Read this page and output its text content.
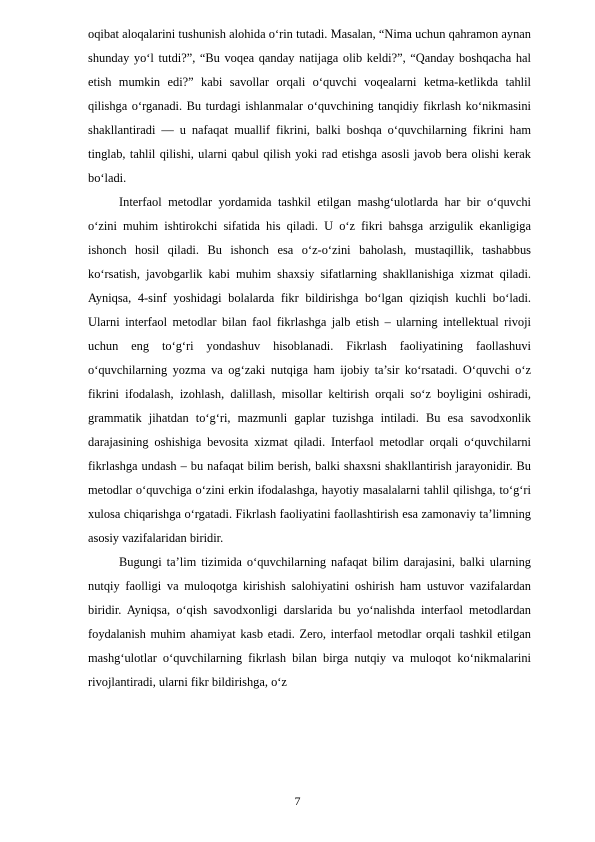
oqibat aloqalarini tushunish alohida o‘rin tutadi. Masalan, “Nima uchun qahramon aynan shunday yo‘l tutdi?”, “Bu voqea qanday natijaga olib keldi?”, “Qanday boshqacha hal etish mumkin edi?” kabi savollar orqali o‘quvchi voqealarni ketma-ketlikda tahlil qilishga o‘rganadi. Bu turdagi ishlanmalar o‘quvchining tanqidiy fikrlash ko‘nikmasini shakllantiradi — u nafaqat muallif fikrini, balki boshqa o‘quvchilarning fikrini ham tinglab, tahlil qilishi, ularni qabul qilish yoki rad etishga asosli javob bera olishi kerak bo‘ladi.

Interfaol metodlar yordamida tashkil etilgan mashg‘ulotlarda har bir o‘quvchi o‘zini muhim ishtirokchi sifatida his qiladi. U o‘z fikri bahsga arzigulik ekanligiga ishonch hosil qiladi. Bu ishonch esa o‘z-o‘zini baholash, mustaqillik, tashabbus ko‘rsatish, javobgarlik kabi muhim shaxsiy sifatlarning shakllanishiga xizmat qiladi. Ayniqsa, 4-sinf yoshidagi bolalarda fikr bildirishga bo‘lgan qiziqish kuchli bo‘ladi. Ularni interfaol metodlar bilan faol fikrlashga jalb etish – ularning intellektual rivoji uchun eng to‘g‘ri yondashuv hisoblanadi. Fikrlash faoliyatining faollashuvi o‘quvchilarning yozma va og‘zaki nutqiga ham ijobiy ta’sir ko‘rsatadi. O‘quvchi o‘z fikrini ifodalash, izohlash, dalillash, misollar keltirish orqali so‘z boyligini oshiradi, grammatik jihatdan to‘g‘ri, mazmunli gaplar tuzishga intiladi. Bu esa savodxonlik darajasining oshishiga bevosita xizmat qiladi. Interfaol metodlar orqali o‘quvchilarni fikrlashga undash – bu nafaqat bilim berish, balki shaxsni shakllantirish jarayonidir. Bu metodlar o‘quvchiga o‘zini erkin ifodalashga, hayotiy masalalarni tahlil qilishga, to‘g‘ri xulosa chiqarishga o‘rgatadi. Fikrlash faoliyatini faollashtirish esa zamonaviy ta’limning asosiy vazifalaridan biridir.

Bugungi ta’lim tizimida o‘quvchilarning nafaqat bilim darajasini, balki ularning nutqiy faolligi va muloqotga kirishish salohiyatini oshirish ham ustuvor vazifalardan biridir. Ayniqsa, o‘qish savodxonligi darslarida bu yo‘nalishda interfaol metodlardan foydalanish muhim ahamiyat kasb etadi. Zero, interfaol metodlar orqali tashkil etilgan mashg‘ulotlar o‘quvchilarning fikrlash bilan birga nutqiy va muloqot ko‘nikmalarini rivojlantiradi, ularni fikr bildirishga, o‘z

7
